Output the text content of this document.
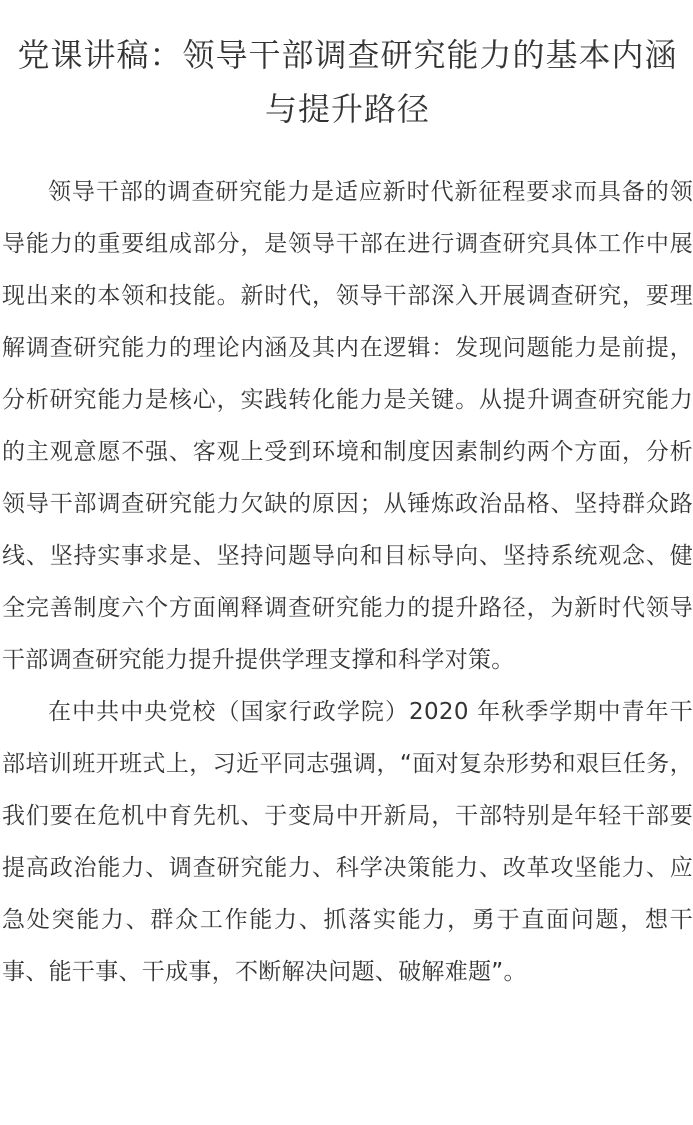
党课讲稿：领导干部调查研究能力的基本内涵与提升路径

领导干部的调查研究能力是适应新时代新征程要求而具备的领导能力的重要组成部分，是领导干部在进行调查研究具体工作中展现出来的本领和技能。新时代，领导干部深入开展调查研究，要理解调查研究能力的理论内涵及其内在逻辑：发现问题能力是前提，分析研究能力是核心，实践转化能力是关键。从提升调查研究能力的主观意愿不强、客观上受到环境和制度因素制约两个方面，分析领导干部调查研究能力欠缺的原因；从锤炼政治品格、坚持群众路线、坚持实事求是、坚持问题导向和目标导向、坚持系统观念、健全完善制度六个方面阐释调查研究能力的提升路径，为新时代领导干部调查研究能力提升提供学理支撑和科学对策。

在中共中央党校（国家行政学院）2020 年秋季学期中青年干部培训班开班式上，习近平同志强调，“面对复杂形势和艰巨任务，我们要在危机中育先机、于变局中开新局，干部特别是年轻干部要提高政治能力、调查研究能力、科学决策能力、改革攻坚能力、应急处突能力、群众工作能力、抓落实能力，勇于直面问题，想干事、能干事、干成事，不断解决问题、破解难题”。
